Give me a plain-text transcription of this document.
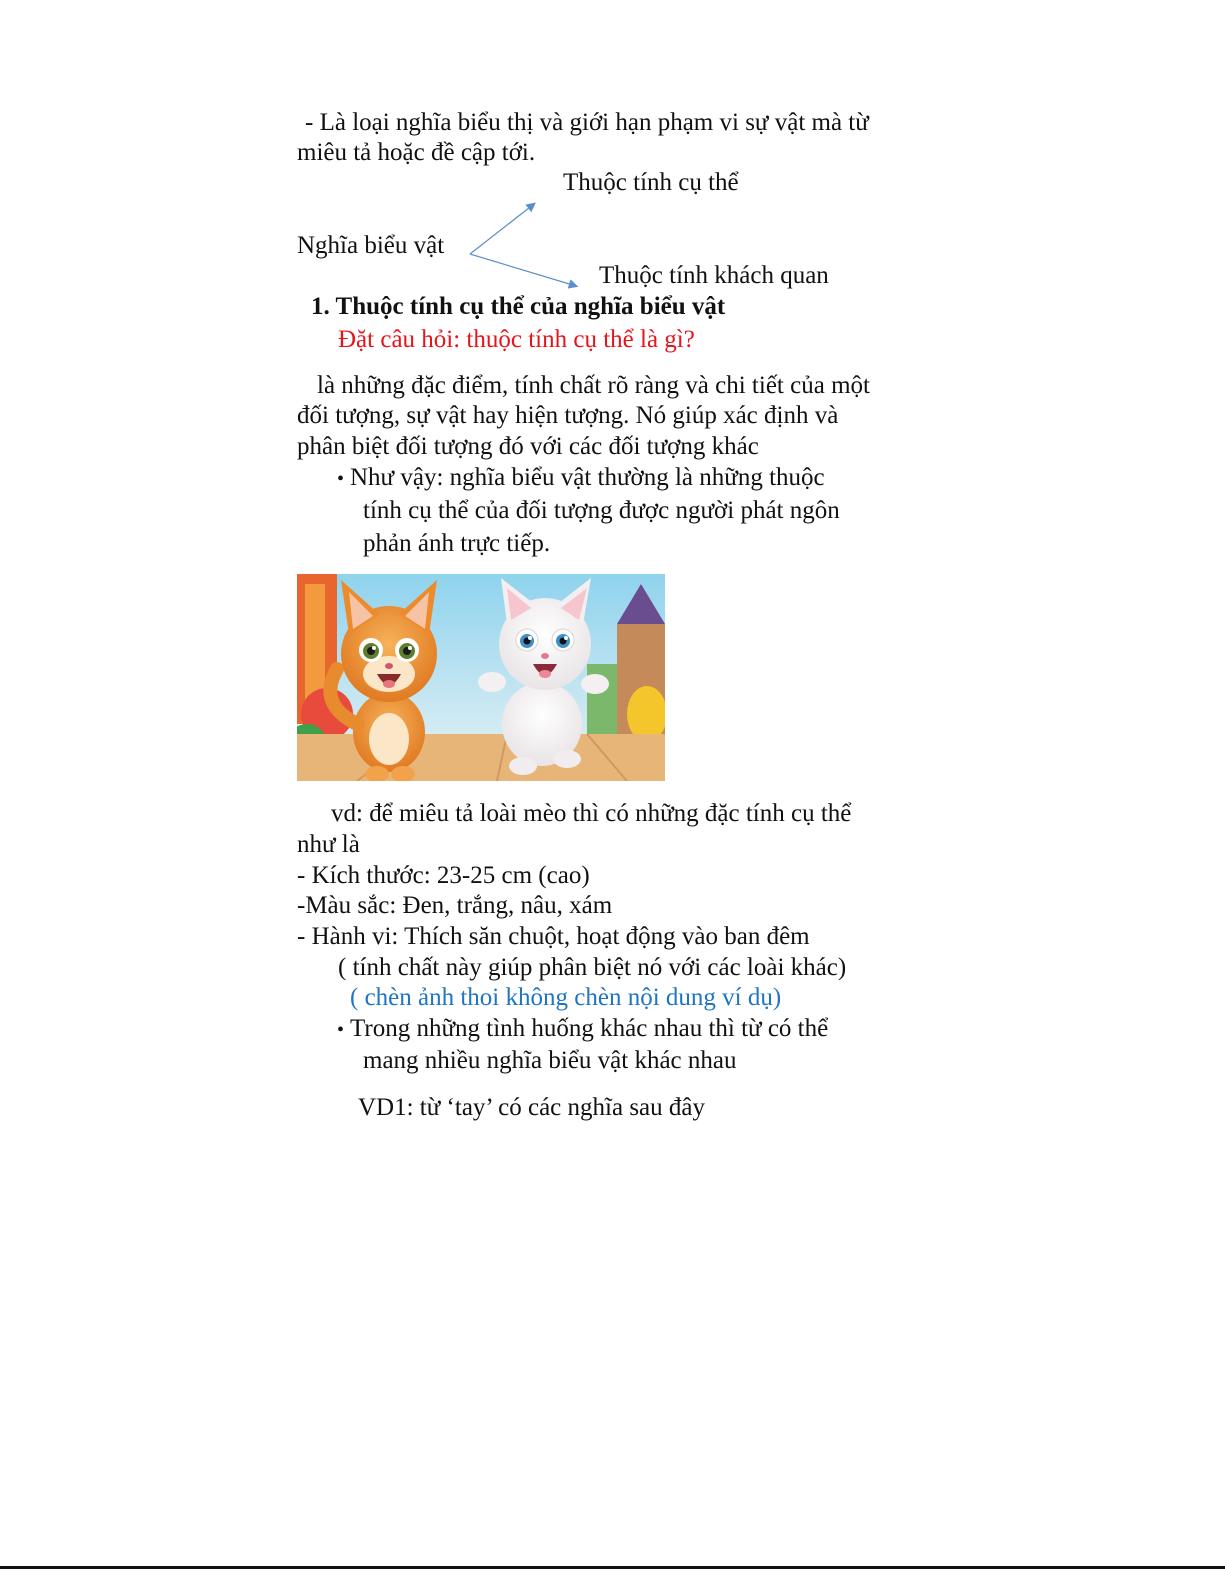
- Là loại nghĩa biểu thị và giới hạn phạm vi sự vật mà từ
miêu tả hoặc đề cập tới.
Thuộc tính cụ thể
Nghĩa biểu vật
Thuộc tính khách quan
1. Thuộc tính cụ thể của nghĩa biểu vật
Đặt câu hỏi: thuộc tính cụ thể là gì?
là những đặc điểm, tính chất rõ ràng và chi tiết của một
đối tượng, sự vật hay hiện tượng. Nó giúp xác định và
phân biệt đối tượng đó với các đối tượng khác
• Như vậy: nghĩa biểu vật thường là những thuộc
tính cụ thể của đối tượng được người phát ngôn
phản ánh trực tiếp.
vd: để miêu tả loài mèo thì có những đặc tính cụ thể
như là
- Kích thước: 23-25 cm (cao)
-Màu sắc: Đen, trắng, nâu, xám
- Hành vi: Thích săn chuột, hoạt động vào ban đêm
( tính chất này giúp phân biệt nó với các loài khác)
( chèn ảnh thoi không chèn nội dung ví dụ)
• Trong những tình huống khác nhau thì từ có thể
mang nhiều nghĩa biểu vật khác nhau
VD1: từ ‘tay’ có các nghĩa sau đây
